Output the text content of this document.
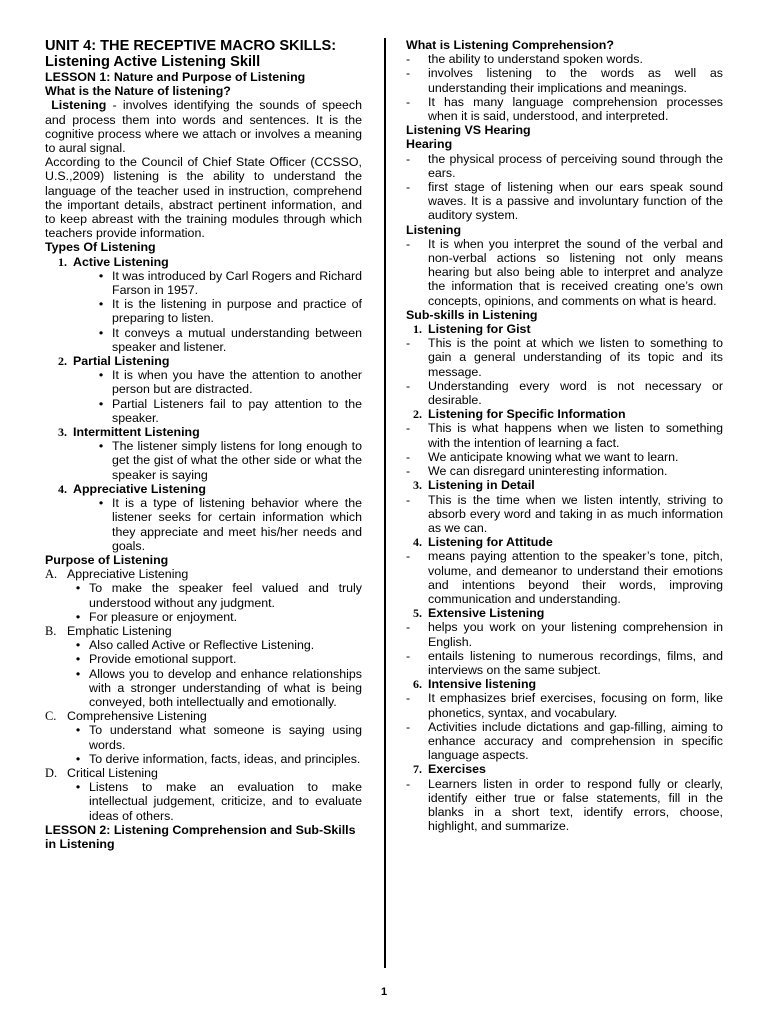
UNIT 4: THE RECEPTIVE MACRO SKILLS: Listening Active Listening Skill

LESSON 1: Nature and Purpose of Listening

What is the Nature of listening?

Listening - involves identifying the sounds of speech and process them into words and sentences. It is the cognitive process where we attach or involves a meaning to aural signal.

According to the Council of Chief State Officer (CCSSO, U.S.,2009) listening is the ability to understand the language of the teacher used in instruction, comprehend the important details, abstract pertinent information, and to keep abreast with the training modules through which teachers provide information.

Types Of Listening

1. Active Listening
• It was introduced by Carl Rogers and Richard Farson in 1957.
• It is the listening in purpose and practice of preparing to listen.
• It conveys a mutual understanding between speaker and listener.
2. Partial Listening
• It is when you have the attention to another person but are distracted.
• Partial Listeners fail to pay attention to the speaker.
3. Intermittent Listening
• The listener simply listens for long enough to get the gist of what the other side or what the speaker is saying
4. Appreciative Listening
• It is a type of listening behavior where the listener seeks for certain information which they appreciate and meet his/her needs and goals.

Purpose of Listening

A. Appreciative Listening
• To make the speaker feel valued and truly understood without any judgment.
• For pleasure or enjoyment.
B. Emphatic Listening
• Also called Active or Reflective Listening.
• Provide emotional support.
• Allows you to develop and enhance relationships with a stronger understanding of what is being conveyed, both intellectually and emotionally.
C. Comprehensive Listening
• To understand what someone is saying using words.
• To derive information, facts, ideas, and principles.
D. Critical Listening
• Listens to make an evaluation to make intellectual judgement, criticize, and to evaluate ideas of others.

LESSON 2: Listening Comprehension and Sub-Skills in Listening

What is Listening Comprehension?

-	the ability to understand spoken words.
-	involves listening to the words as well as understanding their implications and meanings.
-	It has many language comprehension processes when it is said, understood, and interpreted.

Listening VS Hearing

Hearing

-	the physical process of perceiving sound through the ears.
-	first stage of listening when our ears speak sound waves. It is a passive and involuntary function of the auditory system.

Listening

-	It is when you interpret the sound of the verbal and non-verbal actions so listening not only means hearing but also being able to interpret and analyze the information that is received creating one’s own concepts, opinions, and comments on what is heard.

Sub-skills in Listening

1. Listening for Gist
-	This is the point at which we listen to something to gain a general understanding of its topic and its message.
-	Understanding every word is not necessary or desirable.
2. Listening for Specific Information
-	This is what happens when we listen to something with the intention of learning a fact.
-	We anticipate knowing what we want to learn.
-	We can disregard uninteresting information.
3. Listening in Detail
-	This is the time when we listen intently, striving to absorb every word and taking in as much information as we can.
4. Listening for Attitude
-	means paying attention to the speaker’s tone, pitch, volume, and demeanor to understand their emotions and intentions beyond their words, improving communication and understanding.
5. Extensive Listening
-	helps you work on your listening comprehension in English.
-	entails listening to numerous recordings, films, and interviews on the same subject.
6. Intensive listening
-	It emphasizes brief exercises, focusing on form, like phonetics, syntax, and vocabulary.
-	Activities include dictations and gap-filling, aiming to enhance accuracy and comprehension in specific language aspects.
7. Exercises
-	Learners listen in order to respond fully or clearly, identify either true or false statements, fill in the blanks in a short text, identify errors, choose, highlight, and summarize.
1
